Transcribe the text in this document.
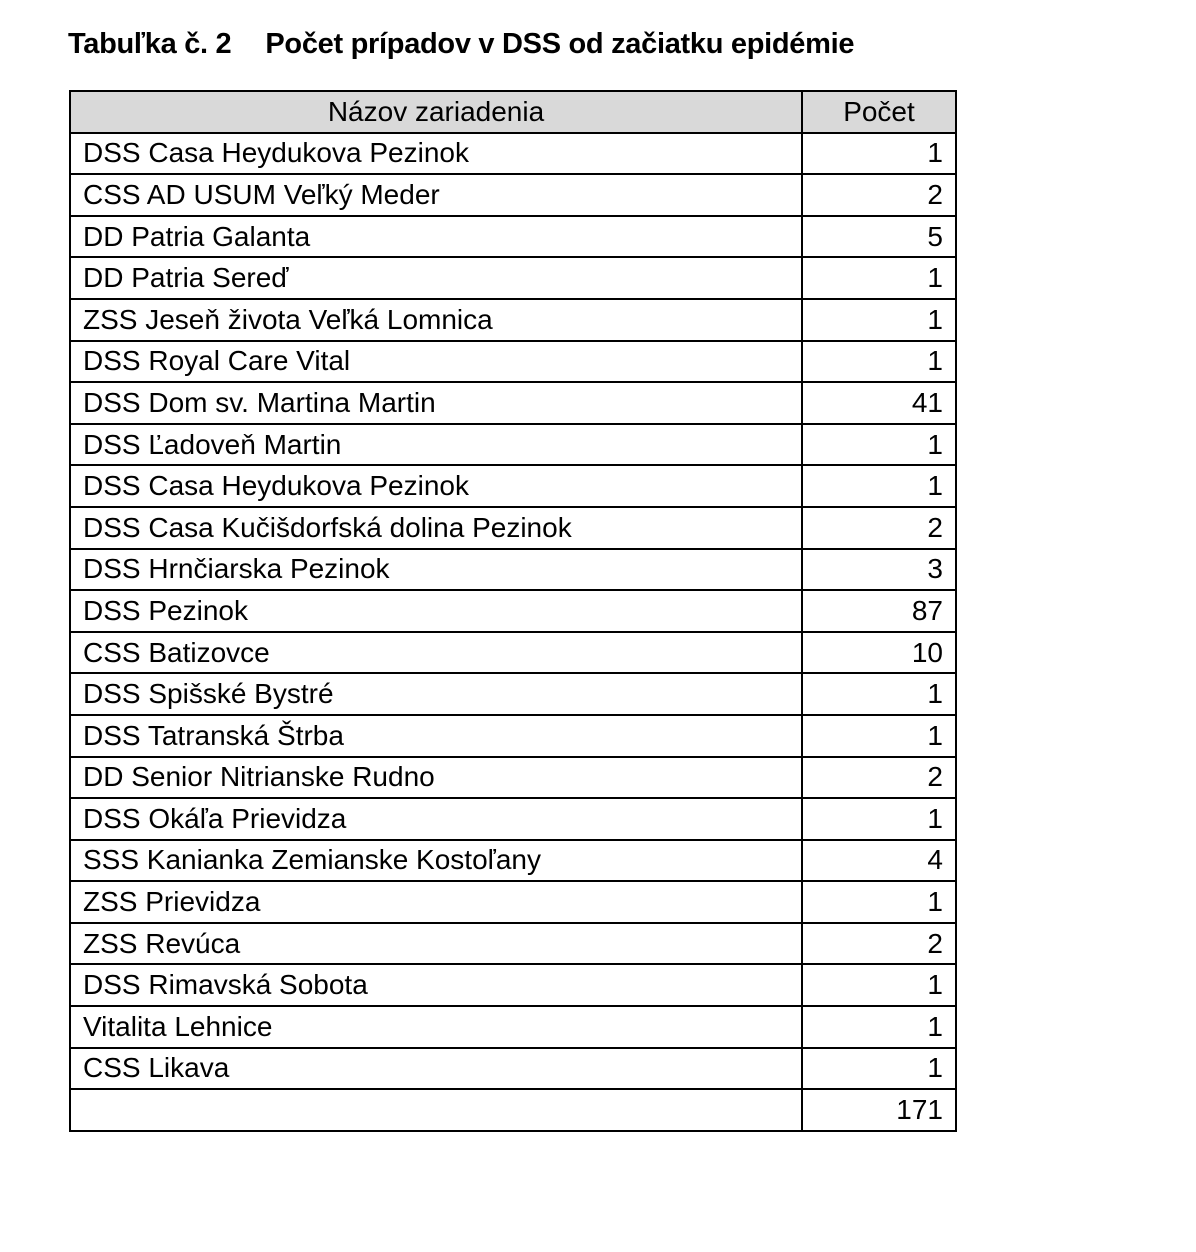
Tabuľka č. 2 Počet prípadov v DSS od začiatku epidémie
Názov zariadenia	Počet
DSS Casa Heydukova Pezinok	1
CSS AD USUM Veľký Meder	2
DD Patria Galanta	5
DD Patria Sereď	1
ZSS Jeseň života Veľká Lomnica	1
DSS Royal Care Vital	1
DSS Dom sv. Martina Martin	41
DSS Ľadoveň Martin	1
DSS Casa Heydukova Pezinok	1
DSS Casa Kučišdorfská dolina Pezinok	2
DSS Hrnčiarska Pezinok	3
DSS Pezinok	87
CSS Batizovce	10
DSS Spišské Bystré	1
DSS Tatranská Štrba	1
DD Senior Nitrianske Rudno	2
DSS Okáľa Prievidza	1
SSS Kanianka Zemianske Kostoľany	4
ZSS Prievidza	1
ZSS Revúca	2
DSS Rimavská Sobota	1
Vitalita Lehnice	1
CSS Likava	1
	171
